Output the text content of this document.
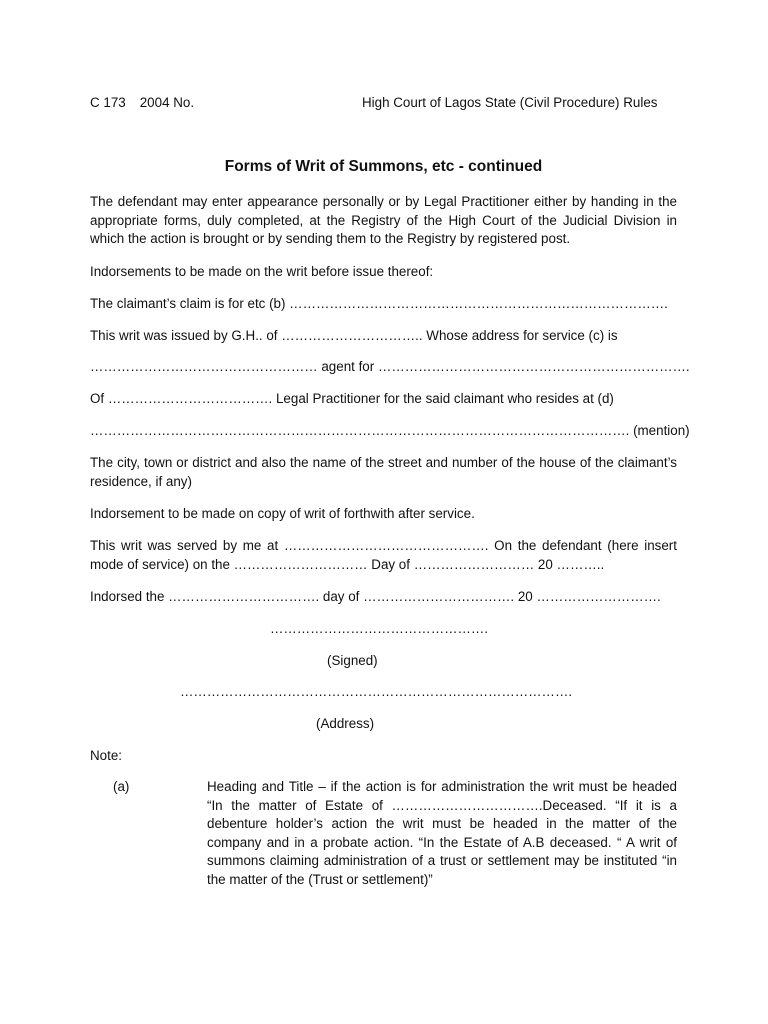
C 173 2004 No.	High Court of Lagos State (Civil Procedure) Rules
Forms of Writ of Summons, etc - continued
The defendant may enter appearance personally or by Legal Practitioner either by handing in the appropriate forms, duly completed, at the Registry of the High Court of the Judicial Division in which the action is brought or by sending them to the Registry by registered post.
Indorsements to be made on the writ before issue thereof:
The claimant’s claim is for etc (b) ………………………………………………………………………….
This writ was issued by G.H.. of ………………………….. Whose address for service (c) is
…………………………………………… agent for …………………………………………………………….
Of ………………………………. Legal Practitioner for the said claimant who resides at (d)
…………………………………………………………………………………………………………. (mention)
The city, town or district and also the name of the street and number of the house of the claimant’s residence, if any)
Indorsement to be made on copy of writ of forthwith after service.
This writ was served by me at ………………………………………. On the defendant (here insert mode of service) on the ………………………… Day of ……………………… 20 ………..
Indorsed the ……………………………. day of ……………………………. 20 ……………………….
………………………………………….
(Signed)
…………………………………………………………………………….
(Address)
Note:
(a)	Heading and Title – if the action is for administration the writ must be headed “In the matter of Estate of …………………………….Deceased. “If it is a debenture holder’s action the writ must be headed in the matter of the company and in a probate action. “In the Estate of A.B deceased. “ A writ of summons claiming administration of a trust or settlement may be instituted “in the matter of the (Trust or settlement)”
